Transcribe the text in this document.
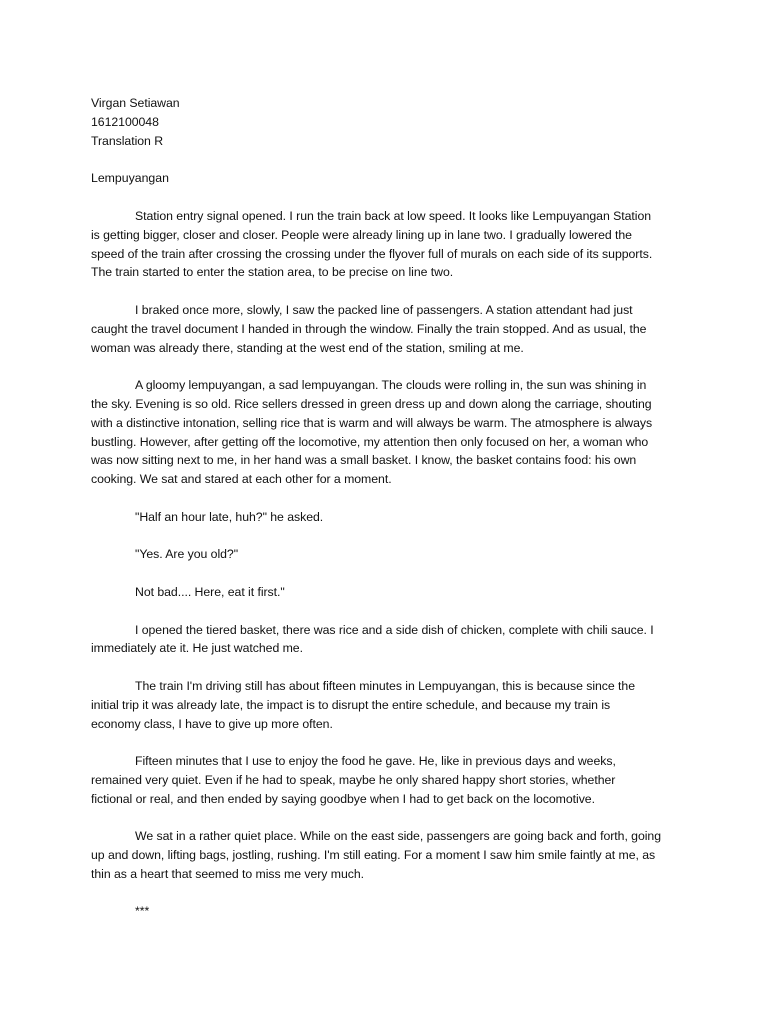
Virgan Setiawan
1612100048
Translation R
Lempuyangan
Station entry signal opened. I run the train back at low speed. It looks like Lempuyangan Station
is getting bigger, closer and closer. People were already lining up in lane two. I gradually lowered the
speed of the train after crossing the crossing under the flyover full of murals on each side of its supports.
The train started to enter the station area, to be precise on line two.
I braked once more, slowly, I saw the packed line of passengers. A station attendant had just
caught the travel document I handed in through the window. Finally the train stopped. And as usual, the
woman was already there, standing at the west end of the station, smiling at me.
A gloomy lempuyangan, a sad lempuyangan. The clouds were rolling in, the sun was shining in
the sky. Evening is so old. Rice sellers dressed in green dress up and down along the carriage, shouting
with a distinctive intonation, selling rice that is warm and will always be warm. The atmosphere is always
bustling. However, after getting off the locomotive, my attention then only focused on her, a woman who
was now sitting next to me, in her hand was a small basket. I know, the basket contains food: his own
cooking. We sat and stared at each other for a moment.
"Half an hour late, huh?" he asked.
"Yes. Are you old?"
Not bad.... Here, eat it first."
I opened the tiered basket, there was rice and a side dish of chicken, complete with chili sauce. I
immediately ate it. He just watched me.
The train I'm driving still has about fifteen minutes in Lempuyangan, this is because since the
initial trip it was already late, the impact is to disrupt the entire schedule, and because my train is
economy class, I have to give up more often.
Fifteen minutes that I use to enjoy the food he gave. He, like in previous days and weeks,
remained very quiet. Even if he had to speak, maybe he only shared happy short stories, whether
fictional or real, and then ended by saying goodbye when I had to get back on the locomotive.
We sat in a rather quiet place. While on the east side, passengers are going back and forth, going
up and down, lifting bags, jostling, rushing. I'm still eating. For a moment I saw him smile faintly at me, as
thin as a heart that seemed to miss me very much.
***
